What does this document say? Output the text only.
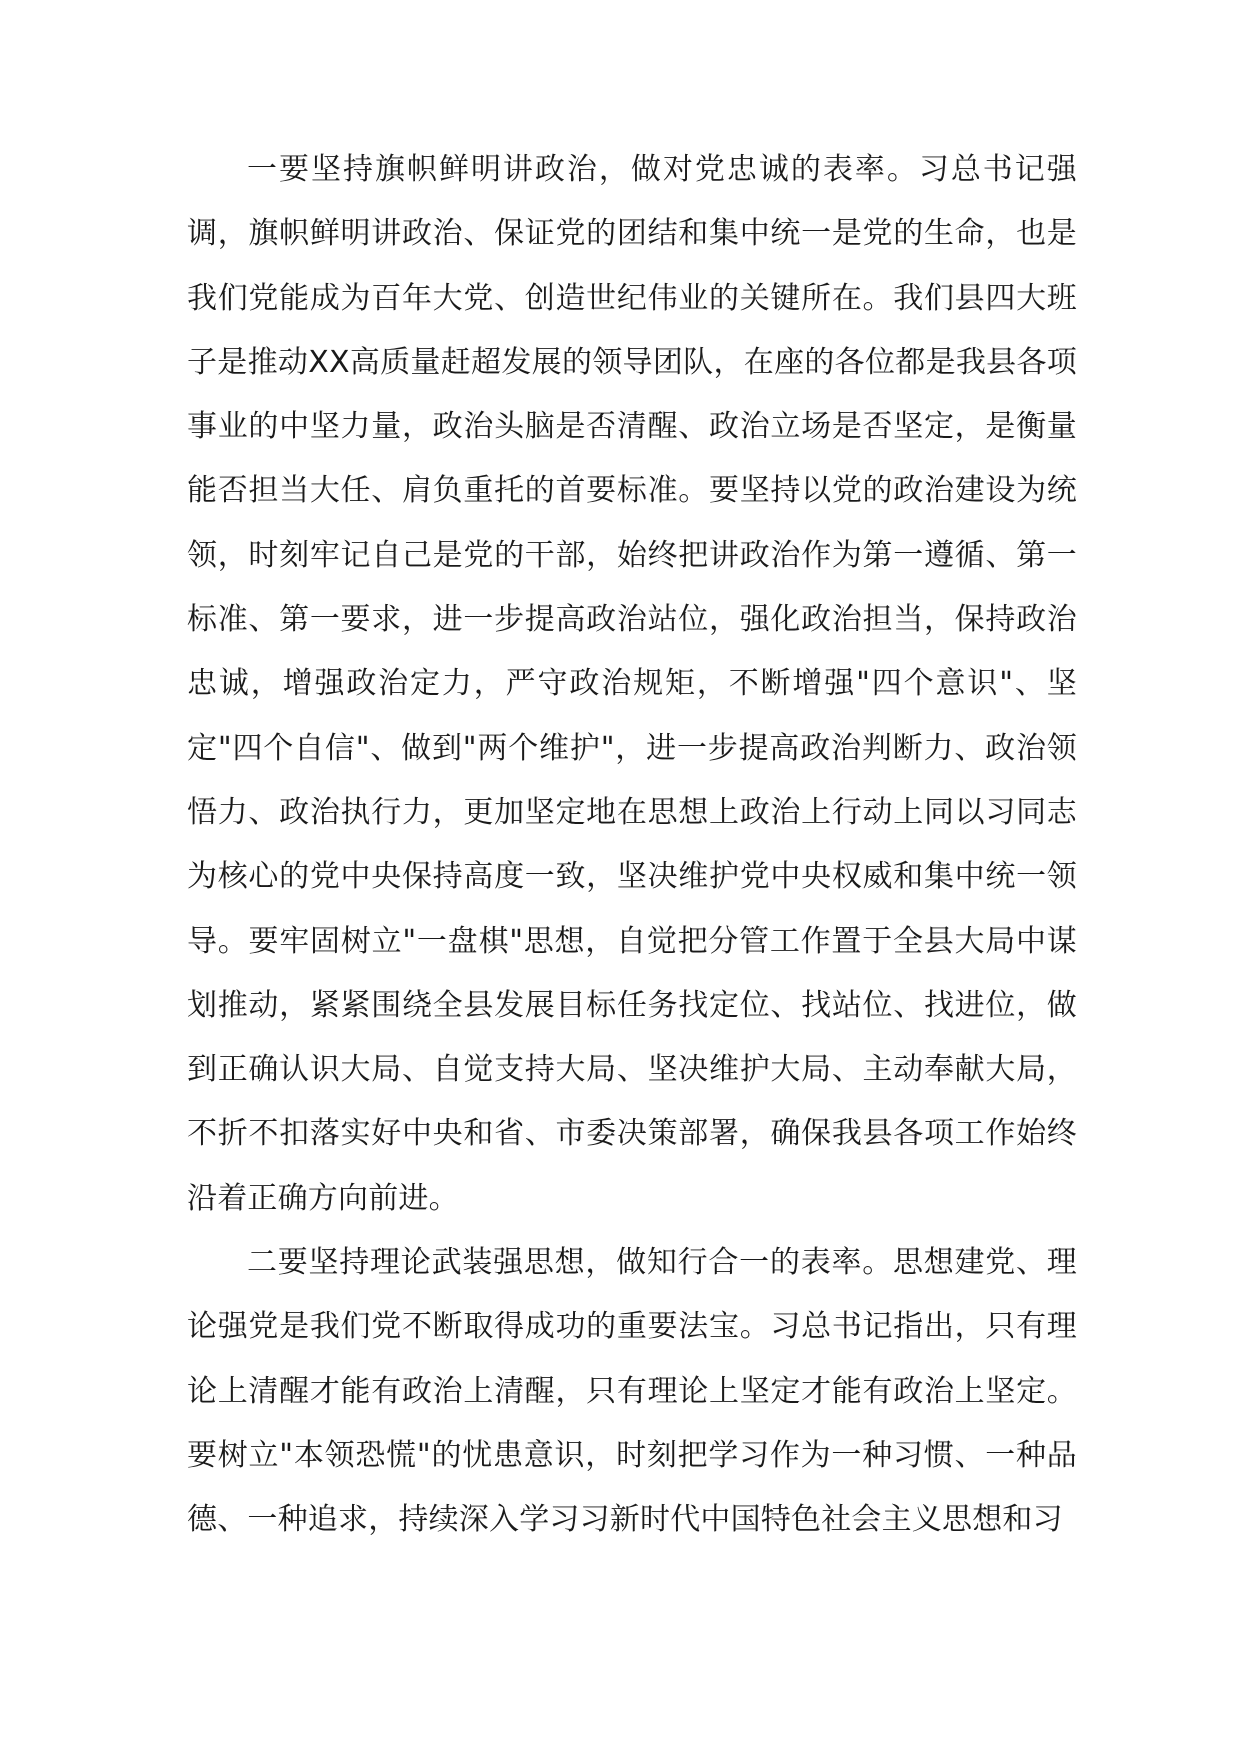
一要坚持旗帜鲜明讲政治，做对党忠诚的表率。习总书记强调，旗帜鲜明讲政治、保证党的团结和集中统一是党的生命，也是我们党能成为百年大党、创造世纪伟业的关键所在。我们县四大班子是推动XX高质量赶超发展的领导团队，在座的各位都是我县各项事业的中坚力量，政治头脑是否清醒、政治立场是否坚定，是衡量能否担当大任、肩负重托的首要标准。要坚持以党的政治建设为统领，时刻牢记自己是党的干部，始终把讲政治作为第一遵循、第一标准、第一要求，进一步提高政治站位，强化政治担当，保持政治忠诚，增强政治定力，严守政治规矩，不断增强"四个意识"、坚定"四个自信"、做到"两个维护"，进一步提高政治判断力、政治领悟力、政治执行力，更加坚定地在思想上政治上行动上同以习同志为核心的党中央保持高度一致，坚决维护党中央权威和集中统一领导。要牢固树立"一盘棋"思想，自觉把分管工作置于全县大局中谋划推动，紧紧围绕全县发展目标任务找定位、找站位、找进位，做到正确认识大局、自觉支持大局、坚决维护大局、主动奉献大局，不折不扣落实好中央和省、市委决策部署，确保我县各项工作始终沿着正确方向前进。

二要坚持理论武装强思想，做知行合一的表率。思想建党、理论强党是我们党不断取得成功的重要法宝。习总书记指出，只有理论上清醒才能有政治上清醒，只有理论上坚定才能有政治上坚定。要树立"本领恐慌"的忧患意识，时刻把学习作为一种习惯、一种品德、一种追求，持续深入学习习新时代中国特色社会主义思想和习
